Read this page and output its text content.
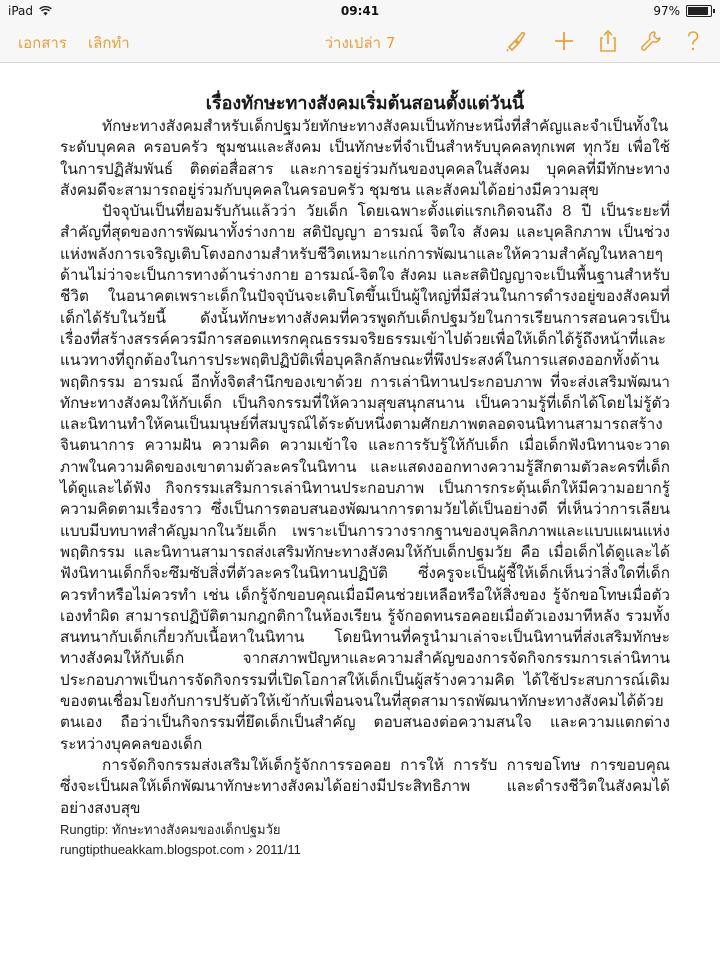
iPad	09:41	97%
เอกสาร เลิกทำ	ว่างเปล่า 7
เรื่องทักษะทางสังคมเริ่มต้นสอนตั้งแต่วันนี้

ทักษะทางสังคมสำหรับเด็กปฐมวัยทักษะทางสังคมเป็นทักษะหนึ่งที่สำคัญและจำเป็นทั้งในระดับบุคคล ครอบครัว ชุมชนและสังคม เป็นทักษะที่จำเป็นสำหรับบุคคลทุกเพศ ทุกวัย เพื่อใช้ในการปฏิสัมพันธ์ ติดต่อสื่อสาร และการอยู่ร่วมกันของบุคคลในสังคม บุคคลที่มีทักษะทางสังคมดีจะสามารถอยู่ร่วมกับบุคคลในครอบครัว ชุมชน และสังคมได้อย่างมีความสุข

ปัจจุบันเป็นที่ยอมรับกันแล้วว่า วัยเด็ก โดยเฉพาะตั้งแต่แรกเกิดจนถึง 8 ปี เป็นระยะที่สำคัญที่สุดของการพัฒนาทั้งร่างกาย สติปัญญา อารมณ์ จิตใจ สังคม และบุคลิกภาพ เป็นช่วงแห่งพลังการเจริญเติบโตงอกงามสำหรับชีวิตเหมาะแก่การพัฒนาและให้ความสำคัญในหลายๆด้านไม่ว่าจะเป็นการทางด้านร่างกาย อารมณ์-จิตใจ สังคม และสติปัญญาจะเป็นพื้นฐานสำหรับชีวิต ในอนาคตเพราะเด็กในปัจจุบันจะเติบโตขึ้นเป็นผู้ใหญ่ที่มีส่วนในการดำรงอยู่ของสังคมที่เด็กได้รับในวัยนี้ ดังนั้นทักษะทางสังคมที่ควรพูดกับเด็กปฐมวัยในการเรียนการสอนควรเป็นเรื่องที่สร้างสรรค์ควรมีการสอดแทรกคุณธรรมจริยธรรมเข้าไปด้วยเพื่อให้เด็กได้รู้ถึงหน้าที่และแนวทางที่ถูกต้องในการประพฤติปฏิบัติเพื่อบุคลิกลักษณะที่พึงประสงค์ในการแสดงออกทั้งด้านพฤติกรรม อารมณ์ อีกทั้งจิตสำนึกของเขาด้วย การเล่านิทานประกอบภาพ ที่จะส่งเสริมพัฒนาทักษะทางสังคมให้กับเด็ก เป็นกิจกรรมที่ให้ความสุขสนุกสนาน เป็นความรู้ที่เด็กได้โดยไม่รู้ตัว และนิทานทำให้คนเป็นมนุษย์ที่สมบูรณ์ได้ระดับหนึ่งตามศักยภาพตลอดจนนิทานสามารถสร้างจินตนาการ ความฝัน ความคิด ความเข้าใจ และการรับรู้ให้กับเด็ก เมื่อเด็กฟังนิทานจะวาดภาพในความคิดของเขาตามตัวละครในนิทาน และแสดงออกทางความรู้สึกตามตัวละครที่เด็กได้ดูและได้ฟัง กิจกรรมเสริมการเล่านิทานประกอบภาพ เป็นการกระตุ้นเด็กให้มีความอยากรู้ ความคิดตามเรื่องราว ซึ่งเป็นการตอบสนองพัฒนาการตามวัยได้เป็นอย่างดี ที่เห็นว่าการเลียนแบบมีบทบาทสำคัญมากในวัยเด็ก เพราะเป็นการวางรากฐานของบุคลิกภาพและแบบแผนแห่งพฤติกรรม และนิทานสามารถส่งเสริมทักษะทางสังคมให้กับเด็กปฐมวัย คือ เมื่อเด็กได้ดูและได้ฟังนิทานเด็กก็จะซึมซับสิ่งที่ตัวละครในนิทานปฏิบัติ ซึ่งครูจะเป็นผู้ชี้ให้เด็กเห็นว่าสิ่งใดที่เด็กควรทำหรือไม่ควรทำ เช่น เด็กรู้จักขอบคุณเมื่อมีคนช่วยเหลือหรือให้สิ่งของ รู้จักขอโทษเมื่อตัวเองทำผิด สามารถปฏิบัติตามกฎกติกาในห้องเรียน รู้จักอดทนรอคอยเมื่อตัวเองมาทีหลัง รวมทั้งสนทนากับเด็กเกี่ยวกับเนื้อหาในนิทาน โดยนิทานที่ครูนำมาเล่าจะเป็นนิทานที่ส่งเสริมทักษะทางสังคมให้กับเด็ก จากสภาพปัญหาและความสำคัญของการจัดกิจกรรมการเล่านิทานประกอบภาพเป็นการจัดกิจกรรมที่เปิดโอกาสให้เด็กเป็นผู้สร้างความคิด ได้ใช้ประสบการณ์เดิมของตนเชื่อมโยงกับการปรับตัวให้เข้ากับเพื่อนจนในที่สุดสามารถพัฒนาทักษะทางสังคมได้ด้วยตนเอง ถือว่าเป็นกิจกรรมที่ยึดเด็กเป็นสำคัญ ตอบสนองต่อความสนใจ และความแตกต่างระหว่างบุคคลของเด็ก

การจัดกิจกรรมส่งเสริมให้เด็กรู้จักการรอคอย การให้ การรับ การขอโทษ การขอบคุณ ซึ่งจะเป็นผลให้เด็กพัฒนาทักษะทางสังคมได้อย่างมีประสิทธิภาพ และดำรงชีวิตในสังคมได้อย่างสงบสุข

Rungtip: ทักษะทางสังคมของเด็กปฐมวัย
rungtipthueakkam.blogspot.com › 2011/11
